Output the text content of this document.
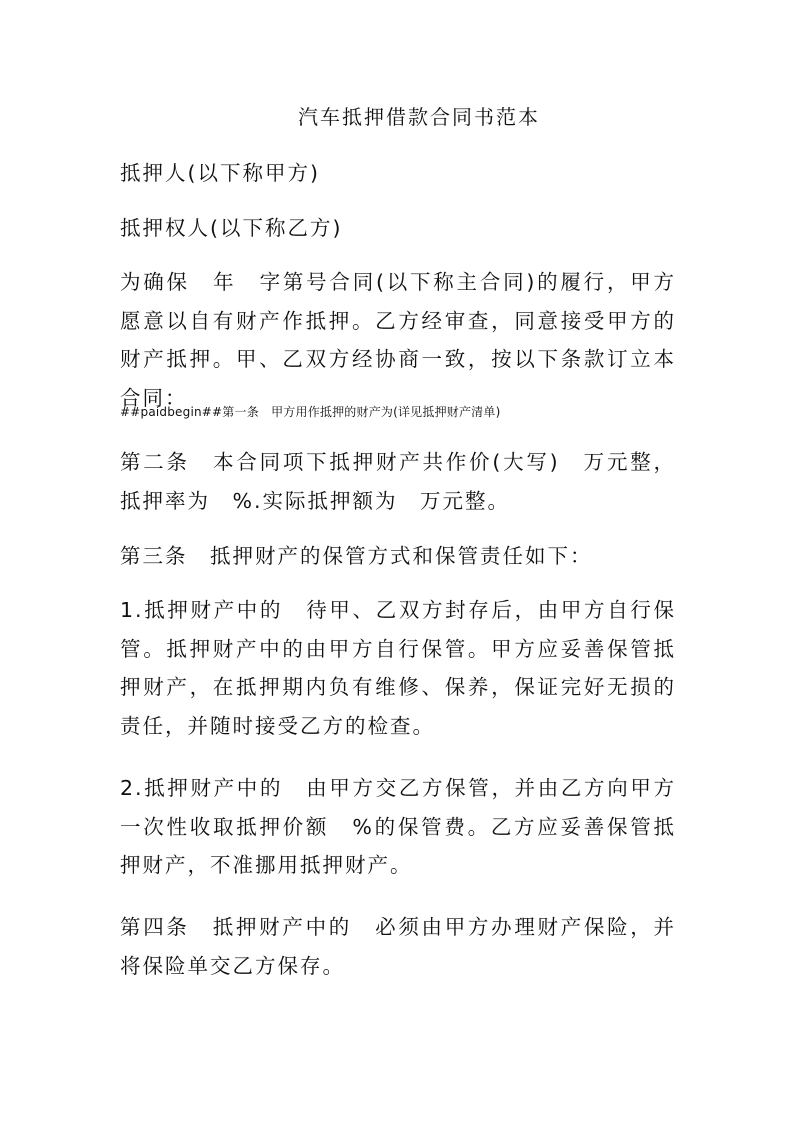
汽车抵押借款合同书范本
抵押人(以下称甲方)
抵押权人(以下称乙方)
为确保　年　字第号合同(以下称主合同)的履行，甲方愿意以自有财产作抵押。乙方经审查，同意接受甲方的财产抵押。甲、乙双方经协商一致，按以下条款订立本合同：
##paidbegin##第一条　甲方用作抵押的财产为(详见抵押财产清单)
第二条　本合同项下抵押财产共作价(大写)　万元整，抵押率为　%.实际抵押额为　万元整。
第三条　抵押财产的保管方式和保管责任如下：
1.抵押财产中的　待甲、乙双方封存后，由甲方自行保管。抵押财产中的由甲方自行保管。甲方应妥善保管抵押财产，在抵押期内负有维修、保养，保证完好无损的责任，并随时接受乙方的检查。
2.抵押财产中的　由甲方交乙方保管，并由乙方向甲方一次性收取抵押价额　%的保管费。乙方应妥善保管抵押财产，不准挪用抵押财产。
第四条　抵押财产中的　必须由甲方办理财产保险，并将保险单交乙方保存。
